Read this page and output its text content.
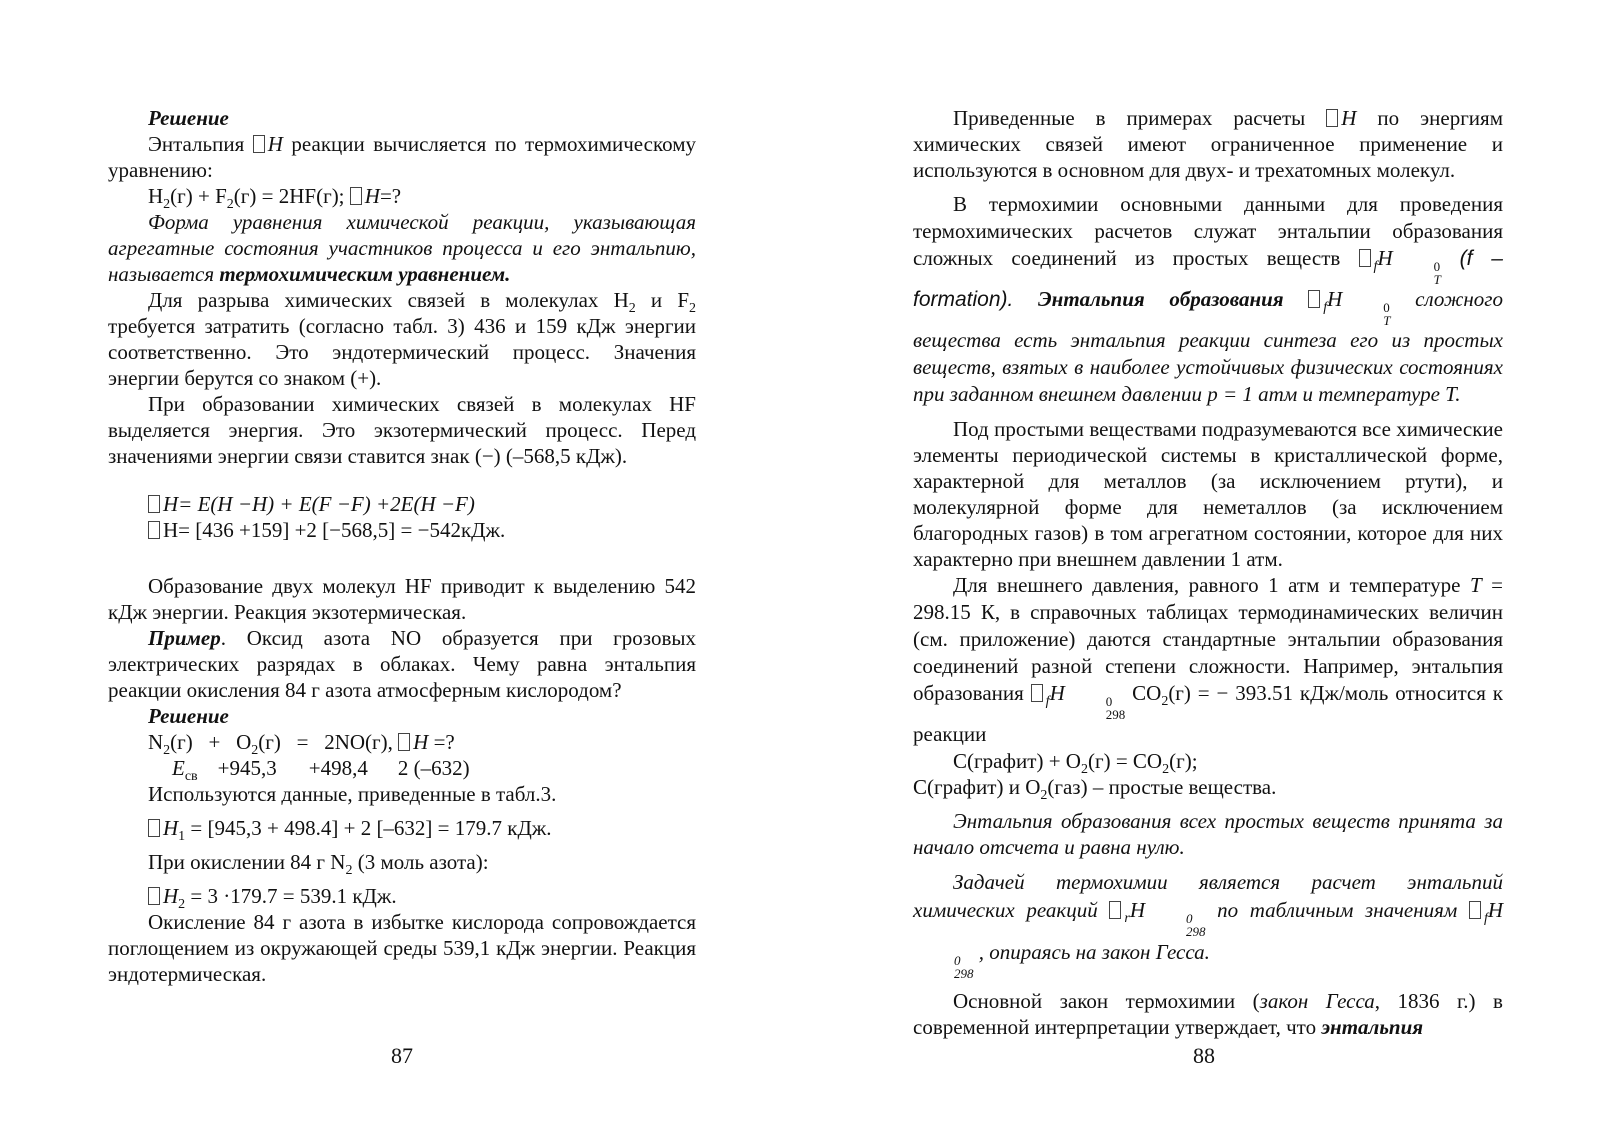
Решение

Энтальпия H реакции вычисляется по термохимическому уравнению:

$H_2(г) + F_2(г) = 2HF(г)$; H=?

Форма уравнения химической реакции, указывающая агрегатные состояния участников процесса и его энтальпию, называется термохимическим уравнением.

Для разрыва химических связей в молекулах $H_2$ и $F_2$ требуется затратить (согласно табл. 3) 436 и 159 кДж энергии соответственно. Это эндотермический процесс. Значения энергии берутся со знаком (+).

При образовании химических связей в молекулах HF выделяется энергия. Это экзотермический процесс. Перед значениями энергии связи ставится знак (−) (–568,5 кДж).

H= E(H −H) + E(F −F) +2E(H −F)

H= [436 +159] +2 [−568,5] = −542кДж.

Образование двух молекул HF приводит к выделению 542 кДж энергии. Реакция экзотермическая.

Пример. Оксид азота NO образуется при грозовых электрических разрядах в облаках. Чему равна энтальпия реакции окисления 84 г азота атмосферным кислородом?

Решение

$N_2(г) + O_2(г) = 2NO(г)$, H =?

$E_{св} +945,3 +498,4$ 2 (–632)

Используются данные, приведенные в табл.3.

$H_1 = [945,3 + 498.4] + 2$ [–632] = 179.7 кДж.

При окислении 84 г $N_2$ (3 моль азота):

$H_2 = 3 \cdot 179.7 = 539.1$ кДж.

Окисление 84 г азота в избытке кислорода сопровождается поглощением из окружающей среды 539,1 кДж энергии. Реакция эндотермическая.

Приведенные в примерах расчеты H по энергиям химических связей имеют ограниченное применение и используются в основном для двух- и трехатомных молекул.

В термохимии основными данными для проведения термохимических расчетов служат энтальпии образования сложных соединений из простых веществ $_f$H	0
T
(f – formation). Энтальпия образования $_f$H	0
T
сложного вещества есть энтальпия реакции синтеза его из простых веществ, взятых в наиболее устойчивых физических состояниях при заданном внешнем давлении p = 1 атм и температуре T.

Под простыми веществами подразумеваются все химические элементы периодической системы в кристаллической форме, характерной для металлов (за исключением ртути), и молекулярной форме для неметаллов (за исключением благородных газов) в том агрегатном состоянии, которое для них характерно при внешнем давлении 1 атм.

Для внешнего давления, равного 1 атм и температуре T = 298.15 К, в справочных таблицах термодинамических величин (см. приложение) даются стандартные энтальпии образования соединений разной степени сложности. Например, энтальпия образования $_f$H	0
298
$CO_2(г)$ = − 393.51 кДж/моль относится к реакции

C(графит) + $O_2(г) = CO_2(г)$;

C(графит) и $O_2(газ)$ – простые вещества.

Энтальпия образования всех простых веществ принята за начало отсчета и равна нулю.

Задачей термохимии является расчет энтальпий химических реакций $_r$H	0
298
по табличным значениям $_f$H
0
298
, опираясь на закон Гесса.

Основной закон термохимии (закон Гесса, 1836 г.) в современной интерпретации утверждает, что энтальпия

87	88
